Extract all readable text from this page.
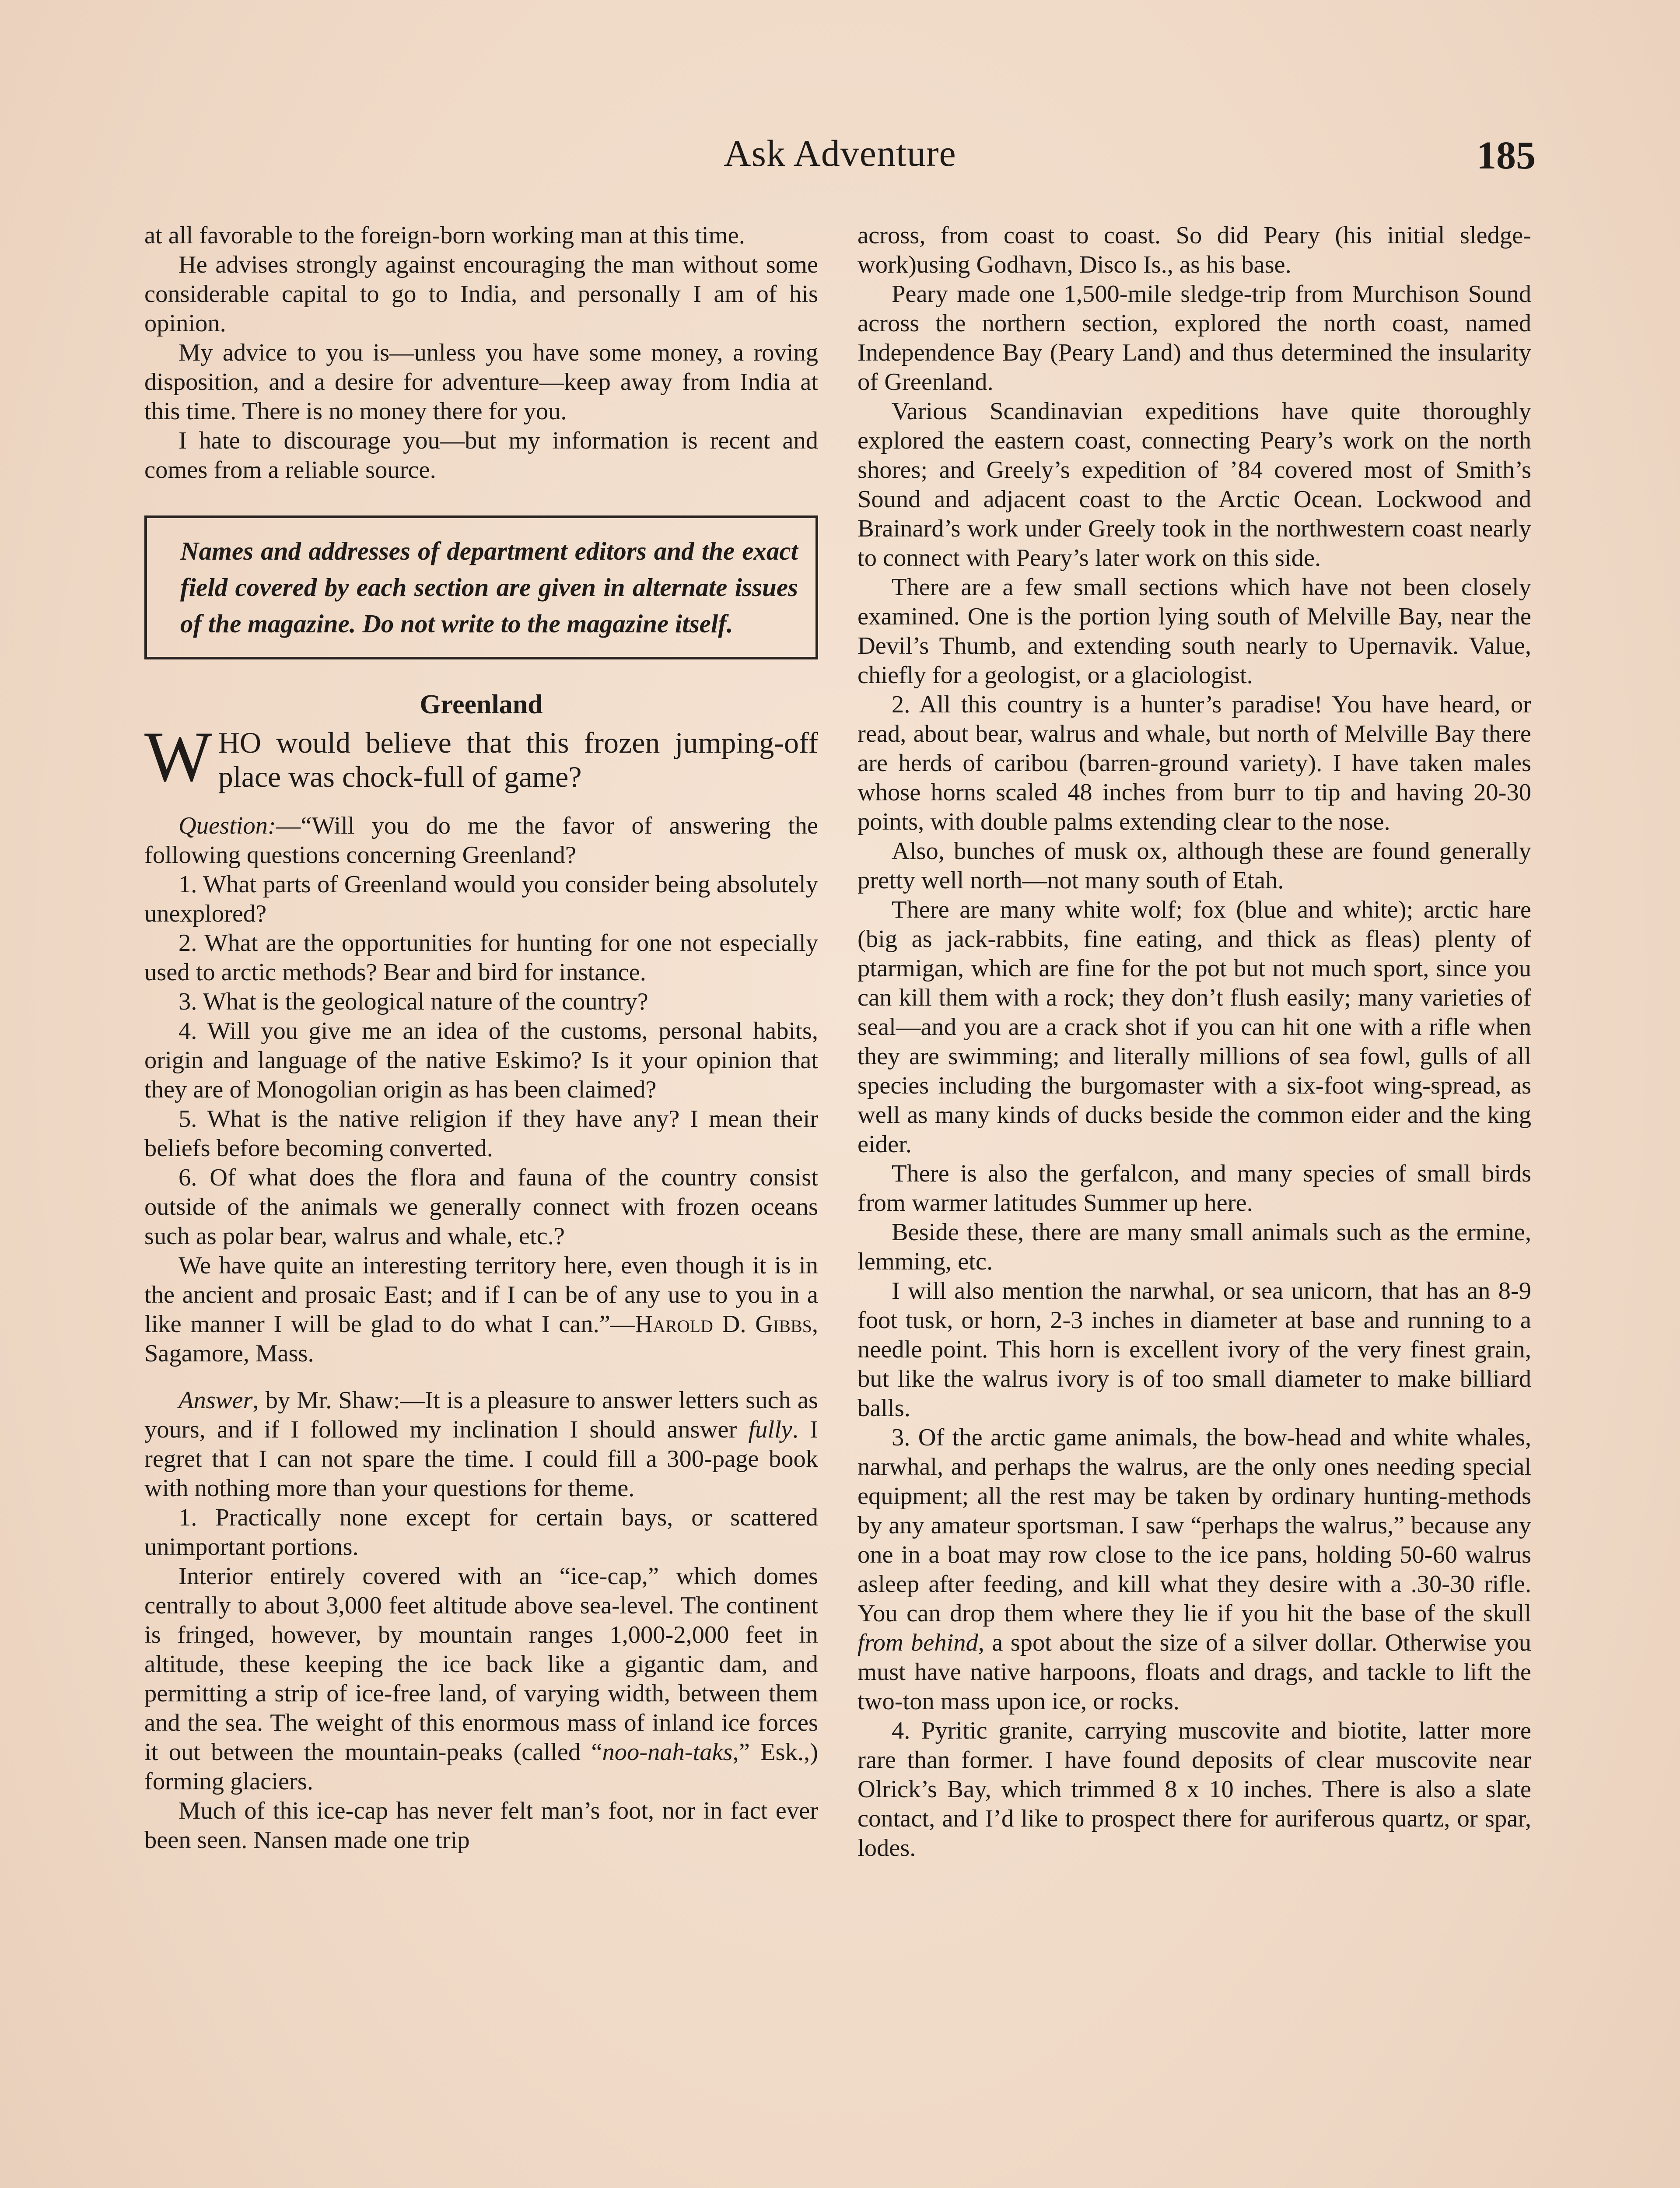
Ask Adventure	185

at all favorable to the foreign-born working man at this time.

He advises strongly against encouraging the man without some considerable capital to go to India, and personally I am of his opinion.

My advice to you is—unless you have some money, a roving disposition, and a desire for adventure—keep away from India at this time. There is no money there for you.

I hate to discourage you—but my information is recent and comes from a reliable source.

Names and addresses of department editors and the exact field covered by each section are given in alternate issues of the magazine. Do not write to the magazine itself.
Greenland

WHO would believe that this frozen jumping-off place was chock-full of game?

Question:—“Will you do me the favor of answering the following questions concerning Greenland?

1. What parts of Greenland would you consider being absolutely unexplored?

2. What are the opportunities for hunting for one not especially used to arctic methods? Bear and bird for instance.

3. What is the geological nature of the country?

4. Will you give me an idea of the customs, personal habits, origin and language of the native Eskimo? Is it your opinion that they are of Monogolian origin as has been claimed?

5. What is the native religion if they have any? I mean their beliefs before becoming converted.

6. Of what does the flora and fauna of the country consist outside of the animals we generally connect with frozen oceans such as polar bear, walrus and whale, etc.?

We have quite an interesting territory here, even though it is in the ancient and prosaic East; and if I can be of any use to you in a like manner I will be glad to do what I can.”—Harold D. Gibbs, Sagamore, Mass.

Answer, by Mr. Shaw:—It is a pleasure to answer letters such as yours, and if I followed my inclination I should answer fully. I regret that I can not spare the time. I could fill a 300-page book with nothing more than your questions for theme.

1. Practically none except for certain bays, or scattered unimportant portions.

Interior entirely covered with an “ice-cap,” which domes centrally to about 3,000 feet altitude above sea-level. The continent is fringed, however, by mountain ranges 1,000-2,000 feet in altitude, these keeping the ice back like a gigantic dam, and permitting a strip of ice-free land, of varying width, between them and the sea. The weight of this enormous mass of inland ice forces it out between the mountain-peaks (called “noo-nah-taks,” Esk.,) forming glaciers.

Much of this ice-cap has never felt man’s foot, nor in fact ever been seen. Nansen made one trip

across, from coast to coast. So did Peary (his initial sledge-work)using Godhavn, Disco Is., as his base.

Peary made one 1,500-mile sledge-trip from Murchison Sound across the northern section, explored the north coast, named Independence Bay (Peary Land) and thus determined the insularity of Greenland.

Various Scandinavian expeditions have quite thoroughly explored the eastern coast, connecting Peary’s work on the north shores; and Greely’s expedition of ’84 covered most of Smith’s Sound and adjacent coast to the Arctic Ocean. Lockwood and Brainard’s work under Greely took in the northwestern coast nearly to connect with Peary’s later work on this side.

There are a few small sections which have not been closely examined. One is the portion lying south of Melville Bay, near the Devil’s Thumb, and extending south nearly to Upernavik. Value, chiefly for a geologist, or a glaciologist.

2. All this country is a hunter’s paradise! You have heard, or read, about bear, walrus and whale, but north of Melville Bay there are herds of caribou (barren-ground variety). I have taken males whose horns scaled 48 inches from burr to tip and having 20-30 points, with double palms extending clear to the nose.

Also, bunches of musk ox, although these are found generally pretty well north—not many south of Etah.

There are many white wolf; fox (blue and white); arctic hare (big as jack-rabbits, fine eating, and thick as fleas) plenty of ptarmigan, which are fine for the pot but not much sport, since you can kill them with a rock; they don’t flush easily; many varieties of seal—and you are a crack shot if you can hit one with a rifle when they are swimming; and literally millions of sea fowl, gulls of all species including the burgomaster with a six-foot wing-spread, as well as many kinds of ducks beside the common eider and the king eider.

There is also the gerfalcon, and many species of small birds from warmer latitudes Summer up here.

Beside these, there are many small animals such as the ermine, lemming, etc.

I will also mention the narwhal, or sea unicorn, that has an 8-9 foot tusk, or horn, 2-3 inches in diameter at base and running to a needle point. This horn is excellent ivory of the very finest grain, but like the walrus ivory is of too small diameter to make billiard balls.

3. Of the arctic game animals, the bow-head and white whales, narwhal, and perhaps the walrus, are the only ones needing special equipment; all the rest may be taken by ordinary hunting-methods by any amateur sportsman. I saw “perhaps the walrus,” because any one in a boat may row close to the ice pans, holding 50-60 walrus asleep after feeding, and kill what they desire with a .30-30 rifle. You can drop them where they lie if you hit the base of the skull from behind, a spot about the size of a silver dollar. Otherwise you must have native harpoons, floats and drags, and tackle to lift the two-ton mass upon ice, or rocks.

4. Pyritic granite, carrying muscovite and biotite, latter more rare than former. I have found deposits of clear muscovite near Olrick’s Bay, which trimmed 8 x 10 inches. There is also a slate contact, and I’d like to prospect there for auriferous quartz, or spar, lodes.
